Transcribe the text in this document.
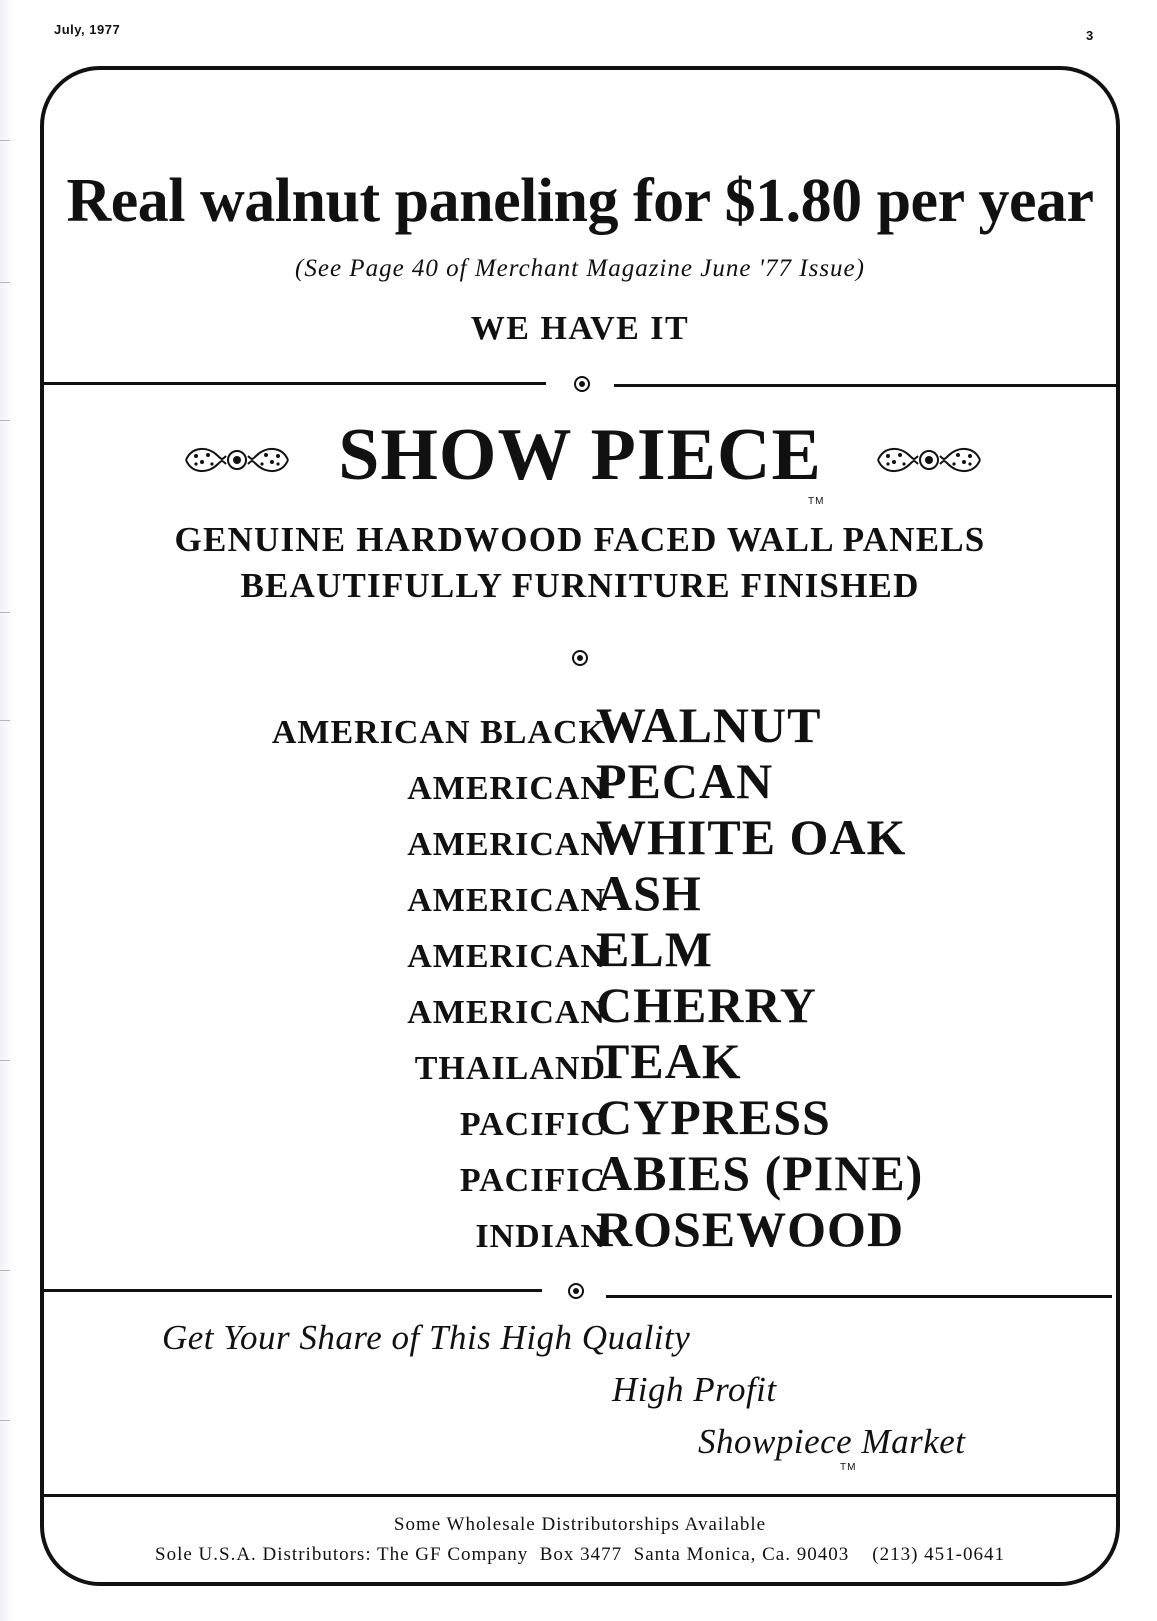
July, 1977	3
Real walnut paneling for $1.80 per year
(See Page 40 of Merchant Magazine June '77 Issue)
WE HAVE IT
SHOW PIECE
TM
GENUINE HARDWOOD FACED WALL PANELS
BEAUTIFULLY FURNITURE FINISHED
AMERICAN BLACK
WALNUT
AMERICAN
PECAN
AMERICAN
WHITE OAK
AMERICAN
ASH
AMERICAN
ELM
AMERICAN
CHERRY
THAILAND
TEAK
PACIFIC
CYPRESS
PACIFIC
ABIES (PINE)
INDIAN
ROSEWOOD
Get Your Share of This High Quality
High Profit
Showpiece Market
TM
Some Wholesale Distributorships Available
Sole U.S.A. Distributors: The GF Company  Box 3477  Santa Monica, Ca. 90403    (213) 451-0641
